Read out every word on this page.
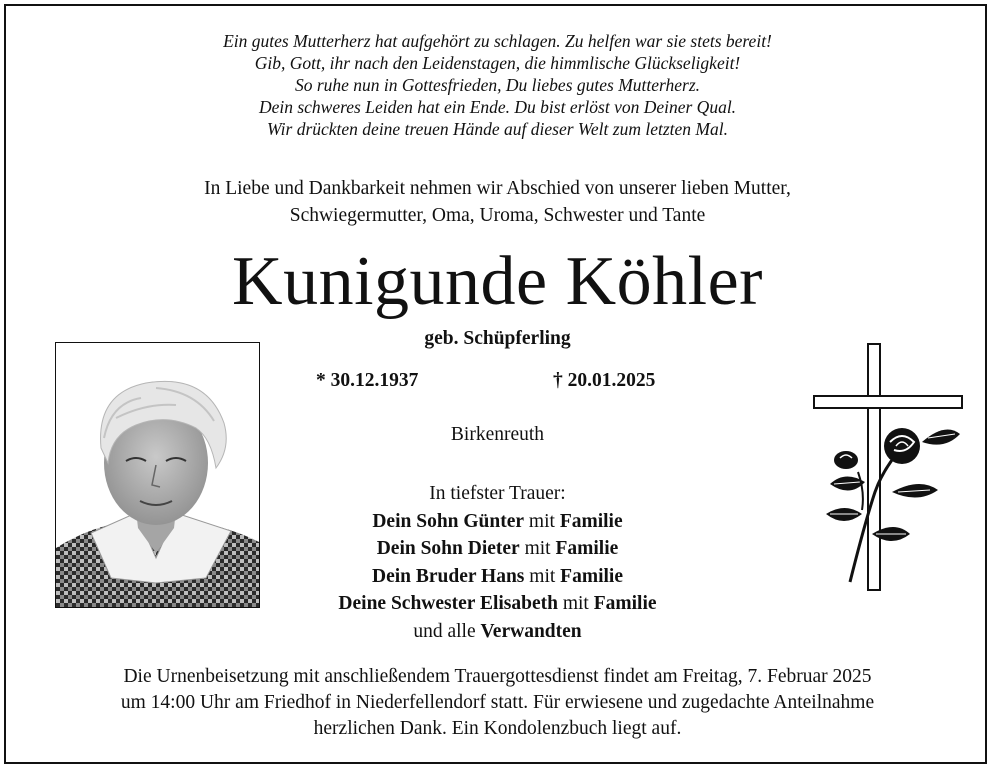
Ein gutes Mutterherz hat aufgehört zu schlagen. Zu helfen war sie stets bereit!
Gib, Gott, ihr nach den Leidenstagen, die himmlische Glückseligkeit!
So ruhe nun in Gottesfrieden, Du liebes gutes Mutterherz.
Dein schweres Leiden hat ein Ende. Du bist erlöst von Deiner Qual.
Wir drückten deine treuen Hände auf dieser Welt zum letzten Mal.
In Liebe und Dankbarkeit nehmen wir Abschied von unserer lieben Mutter,
Schwiegermutter, Oma, Uroma, Schwester und Tante
Kunigunde Köhler
geb. Schüpferling
* 30.12.1937	† 20.01.2025
Birkenreuth
In tiefster Trauer:
Dein Sohn Günter mit Familie
Dein Sohn Dieter mit Familie
Dein Bruder Hans mit Familie
Deine Schwester Elisabeth mit Familie
und alle Verwandten
Die Urnenbeisetzung mit anschließendem Trauergottesdienst findet am Freitag, 7. Februar 2025
um 14:00 Uhr am Friedhof in Niederfellendorf statt. Für erwiesene und zugedachte Anteilnahme
herzlichen Dank. Ein Kondolenzbuch liegt auf.
